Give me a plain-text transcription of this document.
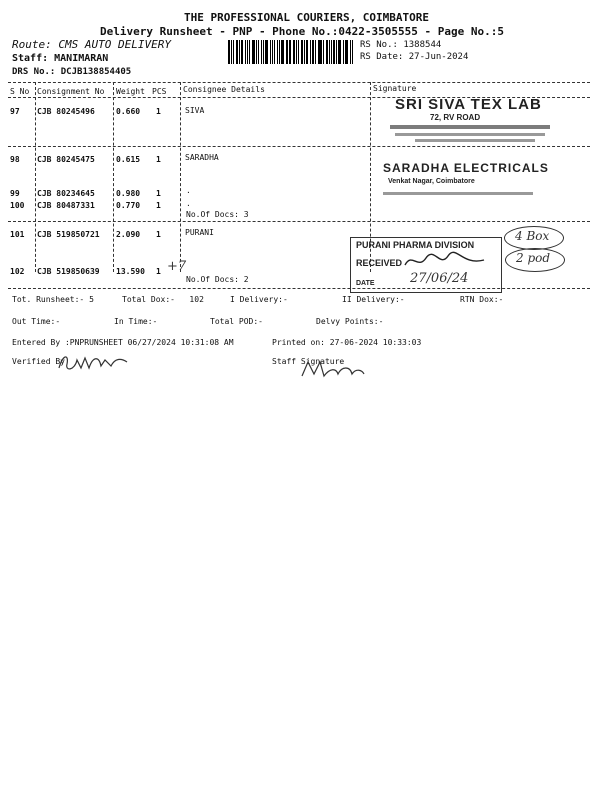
THE PROFESSIONAL COURIERS, COIMBATORE
Delivery Runsheet - PNP - Phone No.:0422-3505555 - Page No.:5
Route: CMS AUTO DELIVERY
Staff: MANIMARAN
DRS No.: DCJB138854405
RS No.: 1388544
RS Date: 27-Jun-2024
S No Consignment No Weight PCS Consignee Details	Signature
97 CJB 80245496	0.660 1	SIVA
98 CJB 80245475	0.615 1	SARADHA
99 CJB 80234645	0.980 1	.
100 CJB 80487331	0.770 1	.
No.Of Docs: 3
101 CJB 519850721 2.090 1	PURANI
102 CJB 519850639 13.590 1
No.Of Docs: 2
+7
SRI SIVA TEX LAB
72, RV ROAD
SARADHA ELECTRICALS
Venkat Nagar, Coimbatore
PURANI PHARMA DIVISION
RECEIVED
DATE	27/06/24
4 Box
2 pod
Tot. Runsheet:- 5	Total Dox:-   102	I Delivery:-	II Delivery:-	RTN Dox:-
Out Time:-	In Time:-	Total POD:-	Delvy Points:-
Entered By :PNPRUNSHEET 06/27/2024 10:31:08 AM	Printed on: 27-06-2024 10:33:03
Verified By	Staff Signature
